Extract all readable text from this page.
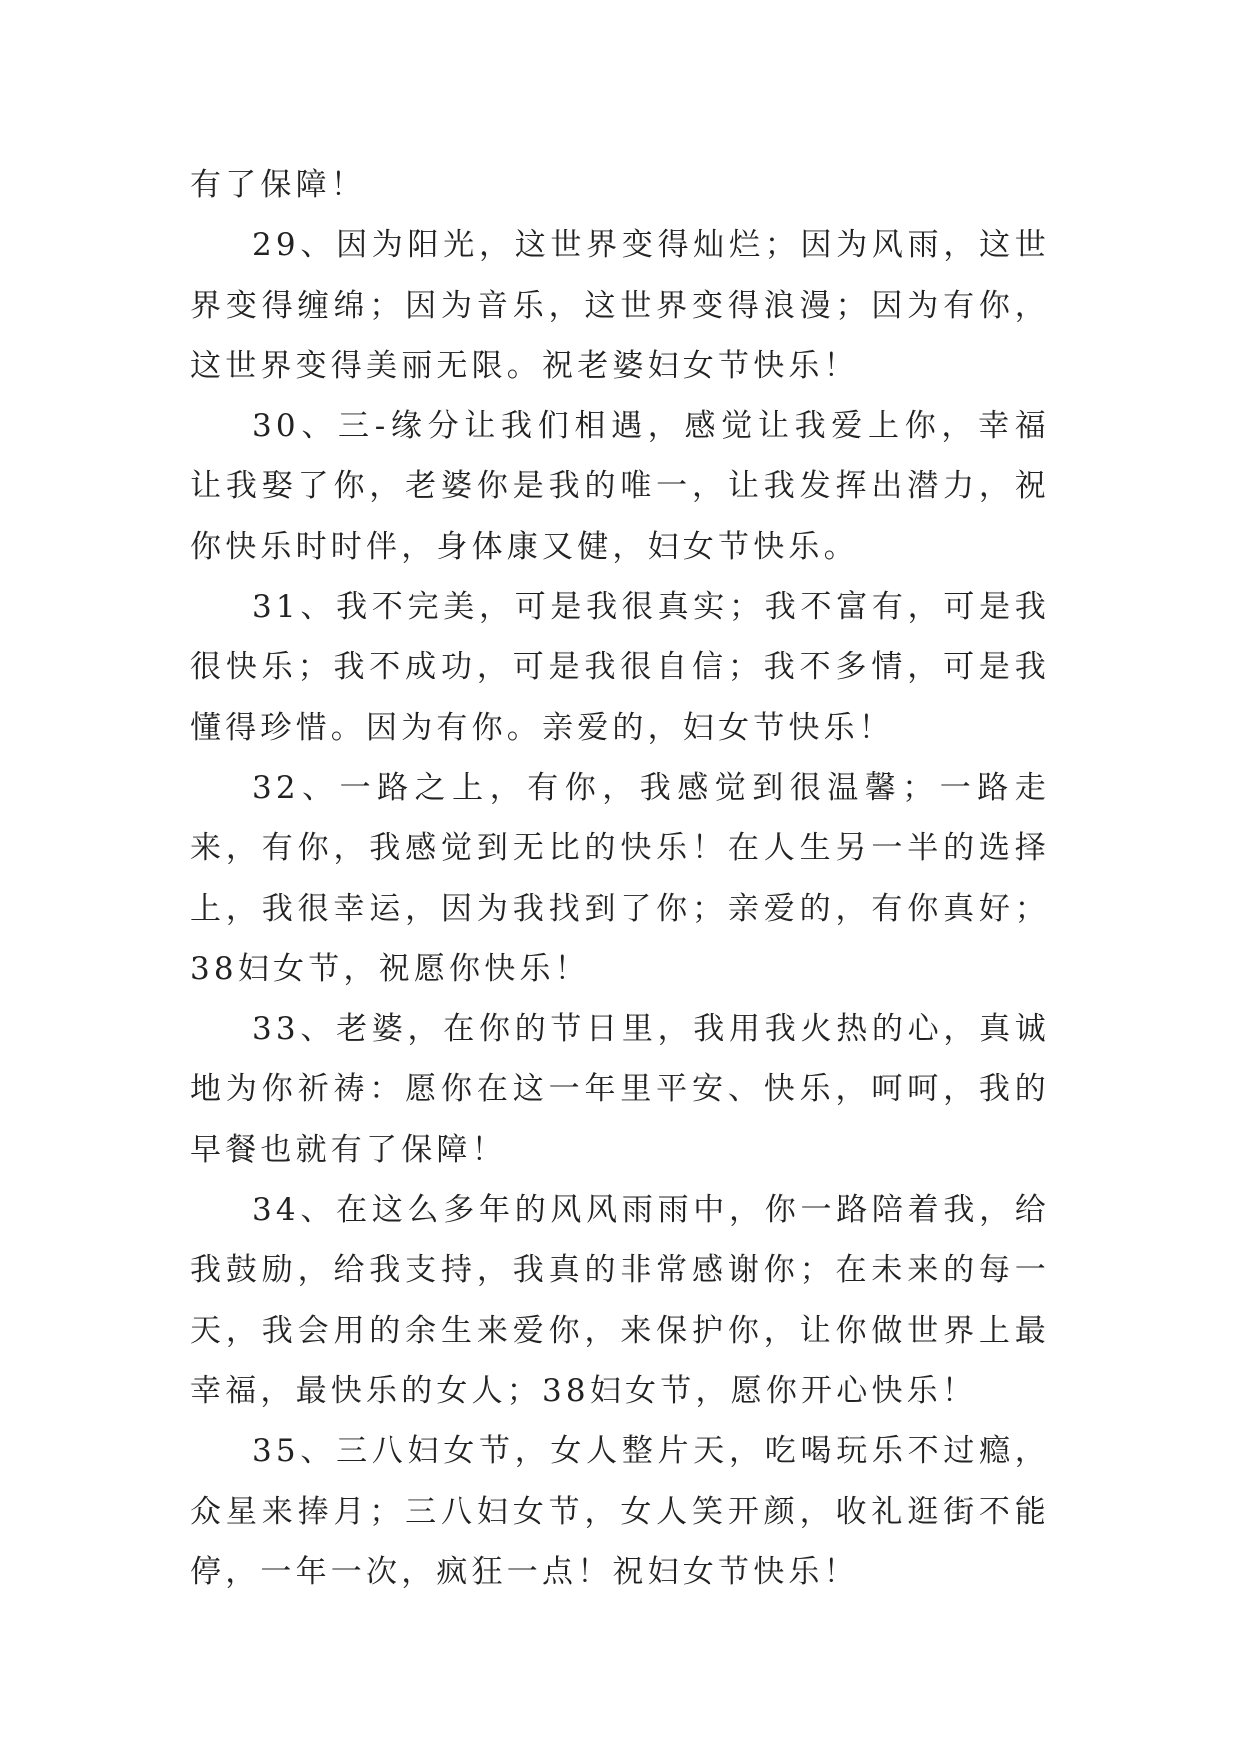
有了保障！

29、因为阳光，这世界变得灿烂；因为风雨，这世界变得缠绵；因为音乐，这世界变得浪漫；因为有你，这世界变得美丽无限。祝老婆妇女节快乐！

30、三-缘分让我们相遇，感觉让我爱上你，幸福让我娶了你，老婆你是我的唯一，让我发挥出潜力，祝你快乐时时伴，身体康又健，妇女节快乐。

31、我不完美，可是我很真实；我不富有，可是我很快乐；我不成功，可是我很自信；我不多情，可是我懂得珍惜。因为有你。亲爱的，妇女节快乐！

32、一路之上，有你，我感觉到很温馨；一路走来，有你，我感觉到无比的快乐！在人生另一半的选择上，我很幸运，因为我找到了你；亲爱的，有你真好；38妇女节，祝愿你快乐！

33、老婆，在你的节日里，我用我火热的心，真诚地为你祈祷：愿你在这一年里平安、快乐，呵呵，我的早餐也就有了保障！

34、在这么多年的风风雨雨中，你一路陪着我，给我鼓励，给我支持，我真的非常感谢你；在未来的每一天，我会用的余生来爱你，来保护你，让你做世界上最幸福，最快乐的女人；38妇女节，愿你开心快乐！

35、三八妇女节，女人整片天，吃喝玩乐不过瘾，众星来捧月；三八妇女节，女人笑开颜，收礼逛街不能停，一年一次，疯狂一点！祝妇女节快乐！
